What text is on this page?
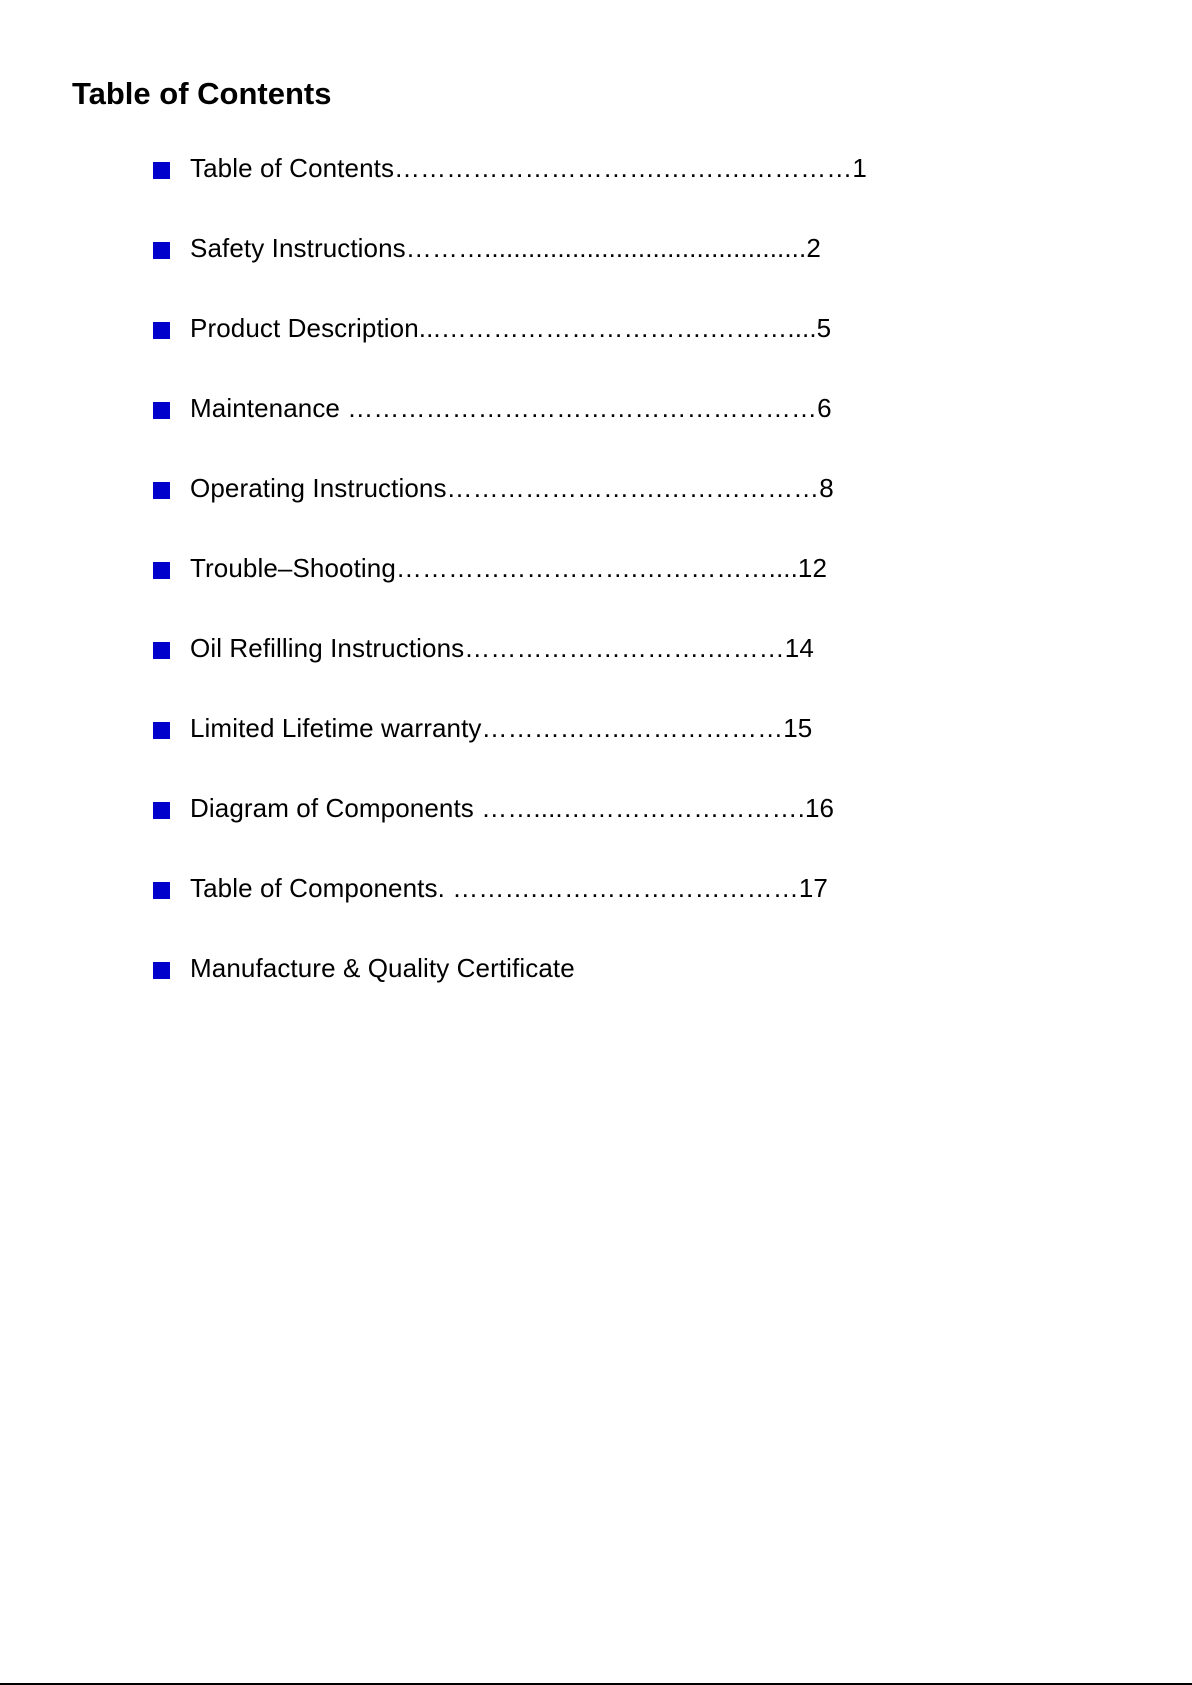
Table of Contents
Table of Contents………………………….……….…………1
Safety Instructions………............................................2
Product Description...………………………….………....5
Maintenance ………………………………………………6
Operating Instructions…………………….………………8
Trouble–Shooting……………………….……………....12
Oil Refilling Instructions……………………….………14
Limited Lifetime warranty……………..………………15
Diagram of Components ……....……………………….16
Table of Components. ……….…………………………17
Manufacture & Quality Certificate
